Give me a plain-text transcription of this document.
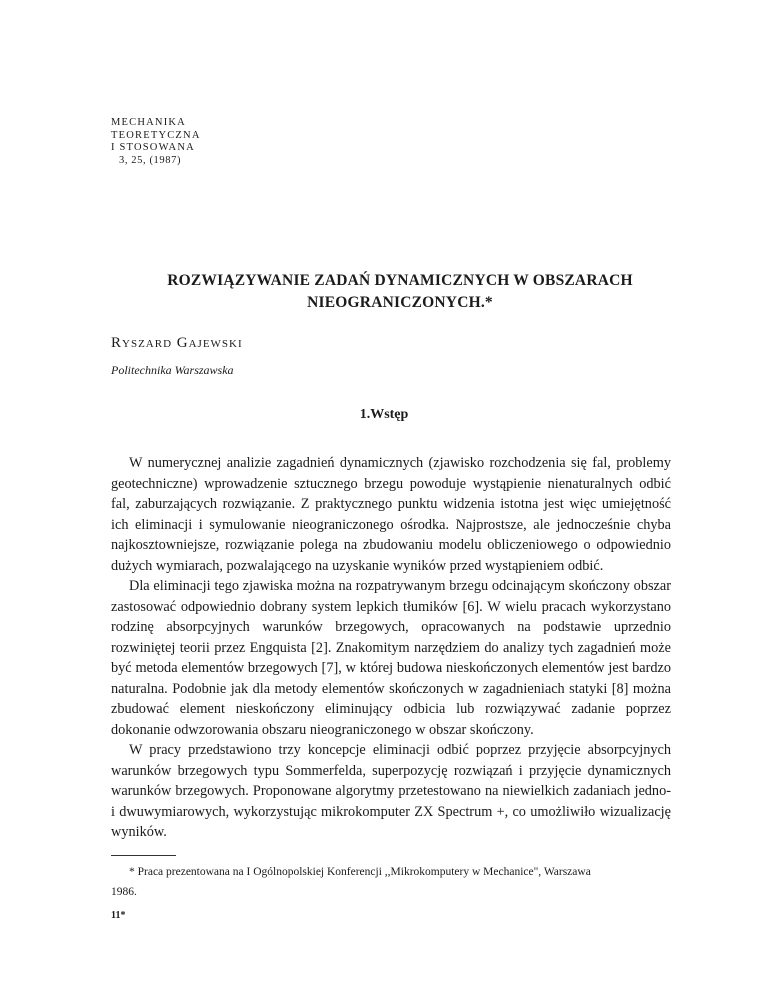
MECHANIKA
TEORETYCZNA
I STOSOWANA
3, 25, (1987)
ROZWIĄZYWANIE ZADAŃ DYNAMICZNYCH W OBSZARACH
NIEOGRANICZONYCH.*
Ryszard Gajewski
Politechnika Warszawska
1.Wstęp

W numerycznej analizie zagadnień dynamicznych (zjawisko rozchodzenia się fal, problemy geotechniczne) wprowadzenie sztucznego brzegu powoduje wystąpienie nienaturalnych odbić fal, zaburzających rozwiązanie. Z praktycznego punktu widzenia istotna jest więc umiejętność ich eliminacji i symulowanie nieograniczonego ośrodka. Najprostsze, ale jednocześnie chyba najkosztowniejsze, rozwiązanie polega na zbudowaniu modelu obliczeniowego o odpowiednio dużych wymiarach, pozwalającego na uzyskanie wyników przed wystąpieniem odbić.

Dla eliminacji tego zjawiska można na rozpatrywanym brzegu odcinającym skończony obszar zastosować odpowiednio dobrany system lepkich tłumików [6]. W wielu pracach wykorzystano rodzinę absorpcyjnych warunków brzegowych, opracowanych na podstawie uprzednio rozwiniętej teorii przez Engquista [2]. Znakomitym narzędziem do analizy tych zagadnień może być metoda elementów brzegowych [7], w której budowa nieskończonych elementów jest bardzo naturalna. Podobnie jak dla metody elementów skończonych w zagadnieniach statyki [8] można zbudować element nieskończony eliminujący odbicia lub rozwiązywać zadanie poprzez dokonanie odwzorowania obszaru nieograniczonego w obszar skończony.

W pracy przedstawiono trzy koncepcje eliminacji odbić poprzez przyjęcie absorpcyjnych warunków brzegowych typu Sommerfelda, superpozycję rozwiązań i przyjęcie dynamicznych warunków brzegowych. Proponowane algorytmy przetestowano na niewielkich zadaniach jedno- i dwuwymiarowych, wykorzystując mikrokomputer ZX Spectrum +, co umożliwiło wizualizację wyników.

* Praca prezentowana na I Ogólnopolskiej Konferencji ,,Mikrokomputery w Mechanice", Warszawa
1986.
11*
